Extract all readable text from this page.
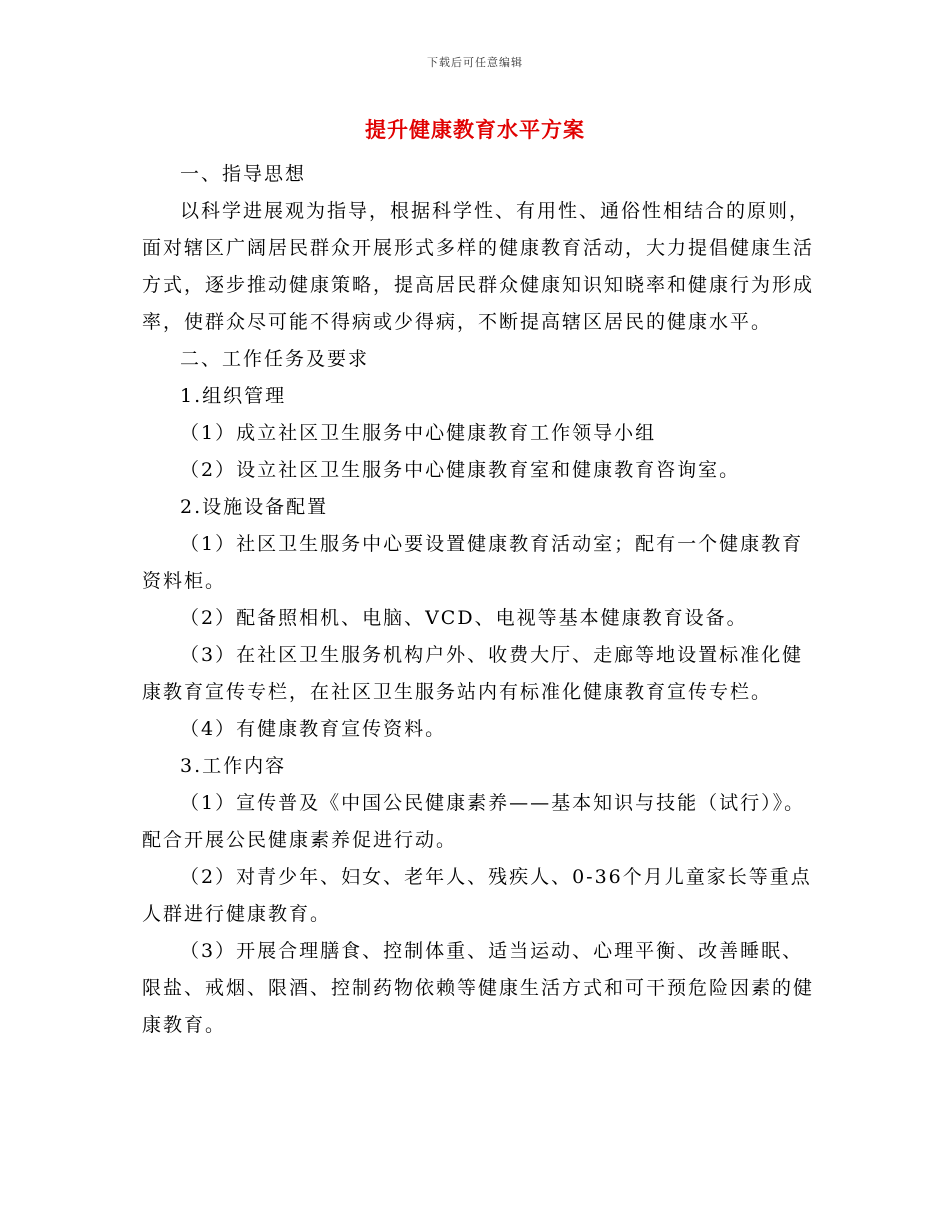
下载后可任意编辑
提升健康教育水平方案

一、指导思想

以科学进展观为指导，根据科学性、有用性、通俗性相结合的原则，面对辖区广阔居民群众开展形式多样的健康教育活动，大力提倡健康生活方式，逐步推动健康策略，提高居民群众健康知识知晓率和健康行为形成率，使群众尽可能不得病或少得病，不断提高辖区居民的健康水平。

二、工作任务及要求

1.组织管理

（1）成立社区卫生服务中心健康教育工作领导小组

（2）设立社区卫生服务中心健康教育室和健康教育咨询室。

2.设施设备配置

（1）社区卫生服务中心要设置健康教育活动室；配有一个健康教育资料柜。

（2）配备照相机、电脑、VCD、电视等基本健康教育设备。

（3）在社区卫生服务机构户外、收费大厅、走廊等地设置标准化健康教育宣传专栏，在社区卫生服务站内有标准化健康教育宣传专栏。

（4）有健康教育宣传资料。

3.工作内容

（1）宣传普及《中国公民健康素养——基本知识与技能（试行）》。配合开展公民健康素养促进行动。

（2）对青少年、妇女、老年人、残疾人、0-36个月儿童家长等重点人群进行健康教育。

（3）开展合理膳食、控制体重、适当运动、心理平衡、改善睡眠、限盐、戒烟、限酒、控制药物依赖等健康生活方式和可干预危险因素的健康教育。
